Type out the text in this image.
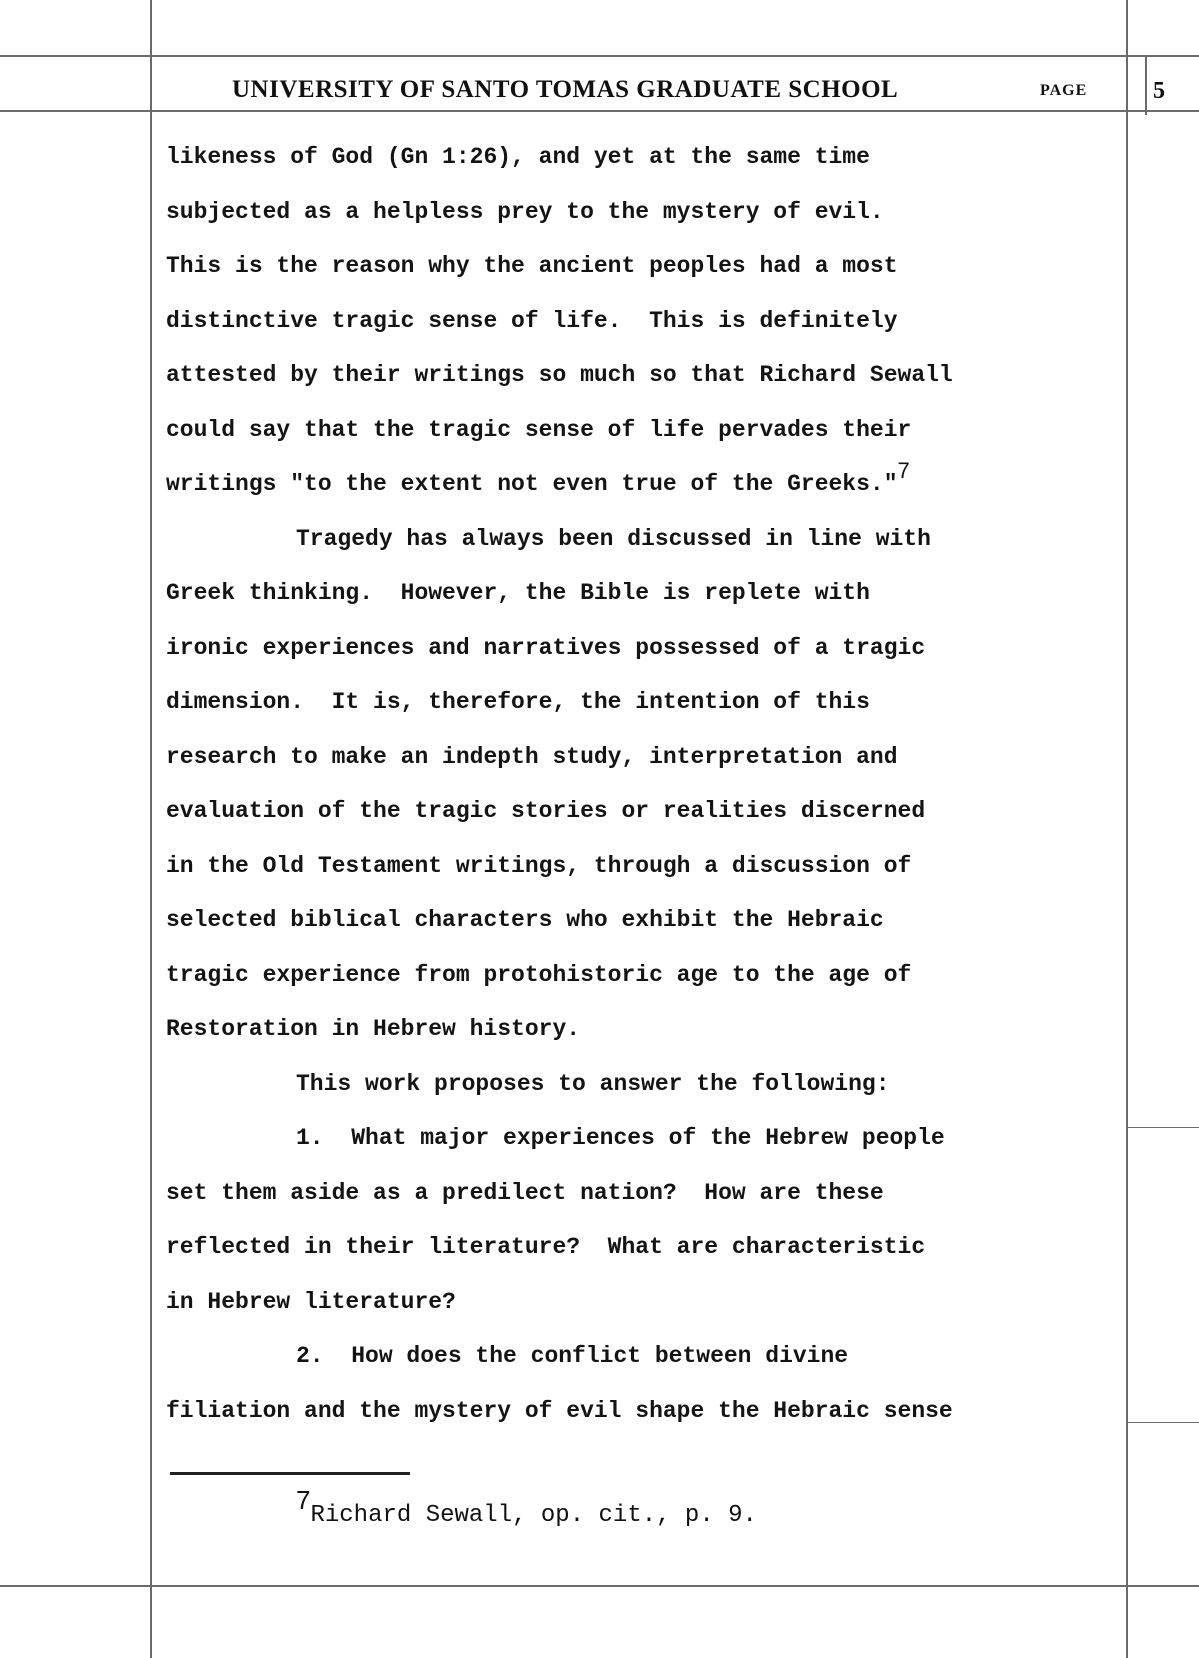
UNIVERSITY OF SANTO TOMAS GRADUATE SCHOOL	PAGE	5
likeness of God (Gn 1:26), and yet at the same time
subjected as a helpless prey to the mystery of evil.
This is the reason why the ancient peoples had a most
distinctive tragic sense of life.  This is definitely
attested by their writings so much so that Richard Sewall
could say that the tragic sense of life pervades their
writings "to the extent not even true of the Greeks."$^7$
Tragedy has always been discussed in line with
Greek thinking.  However, the Bible is replete with
ironic experiences and narratives possessed of a tragic
dimension.  It is, therefore, the intention of this
research to make an indepth study, interpretation and
evaluation of the tragic stories or realities discerned
in the Old Testament writings, through a discussion of
selected biblical characters who exhibit the Hebraic
tragic experience from protohistoric age to the age of
Restoration in Hebrew history.
This work proposes to answer the following:
1.  What major experiences of the Hebrew people
set them aside as a predilect nation?  How are these
reflected in their literature?  What are characteristic
in Hebrew literature?
2.  How does the conflict between divine
filiation and the mystery of evil shape the Hebraic sense
$^7$Richard Sewall, op. cit., p. 9.
